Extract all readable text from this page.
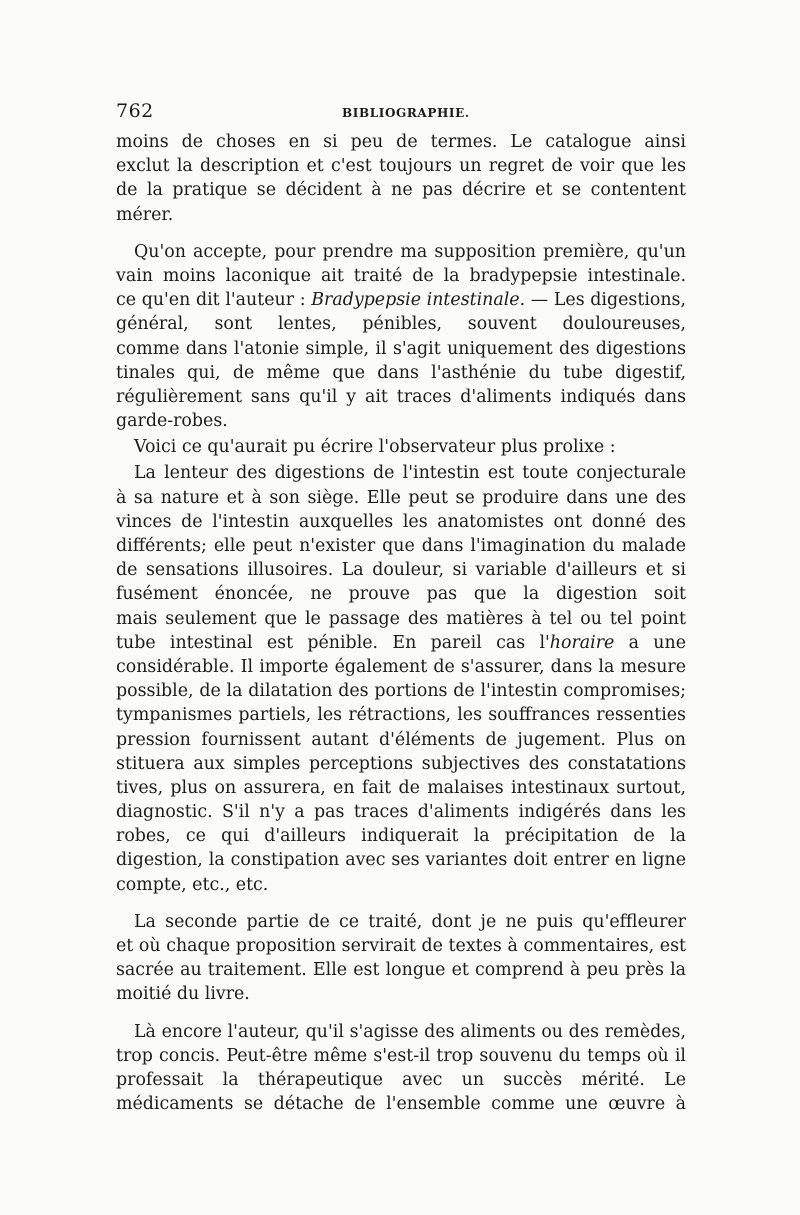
762	BIBLIOGRAPHIE.
moins de choses en si peu de termes. Le catalogue ainsi
exclut la description et c'est toujours un regret de voir que les
de la pratique se décident à ne pas décrire et se contentent
mérer.
Qu'on accepte, pour prendre ma supposition première, qu'un
vain moins laconique ait traité de la bradypepsie intestinale.
ce qu'en dit l'auteur : Bradypepsie intestinale. — Les digestions,
général, sont lentes, pénibles, souvent douloureuses,
comme dans l'atonie simple, il s'agit uniquement des digestions
tinales qui, de même que dans l'asthénie du tube digestif,
régulièrement sans qu'il y ait traces d'aliments indiqués dans
garde-robes.
Voici ce qu'aurait pu écrire l'observateur plus prolixe :
La lenteur des digestions de l'intestin est toute conjecturale
à sa nature et à son siège. Elle peut se produire dans une des
vinces de l'intestin auxquelles les anatomistes ont donné des
différents; elle peut n'exister que dans l'imagination du malade
de sensations illusoires. La douleur, si variable d'ailleurs et si
fusément énoncée, ne prouve pas que la digestion soit
mais seulement que le passage des matières à tel ou tel point
tube intestinal est pénible. En pareil cas l'horaire a une
considérable. Il importe également de s'assurer, dans la mesure
possible, de la dilatation des portions de l'intestin compromises;
tympanismes partiels, les rétractions, les souffrances ressenties
pression fournissent autant d'éléments de jugement. Plus on
stituera aux simples perceptions subjectives des constatations
tives, plus on assurera, en fait de malaises intestinaux surtout,
diagnostic. S'il n'y a pas traces d'aliments indigérés dans les
robes, ce qui d'ailleurs indiquerait la précipitation de la
digestion, la constipation avec ses variantes doit entrer en ligne
compte, etc., etc.
La seconde partie de ce traité, dont je ne puis qu'effleurer
et où chaque proposition servirait de textes à commentaires, est
sacrée au traitement. Elle est longue et comprend à peu près la
moitié du livre.
Là encore l'auteur, qu'il s'agisse des aliments ou des remèdes,
trop concis. Peut-être même s'est-il trop souvenu du temps où il
professait la thérapeutique avec un succès mérité. Le
médicaments se détache de l'ensemble comme une œuvre à
